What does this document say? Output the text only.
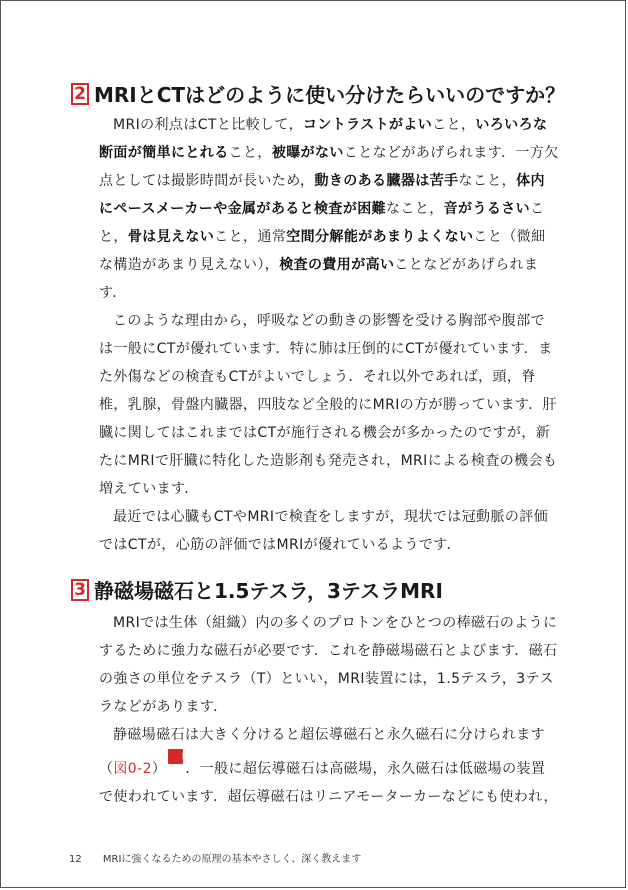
2 MRIとCTはどのように使い分けたらいいのですか？

MRIの利点はCTと比較して，コントラストがよいこと，いろいろな断面が簡単にとれること，被曝がないことなどがあげられます．一方欠点としては撮影時間が長いため，動きのある臓器は苦手なこと，体内にペースメーカーや金属があると検査が困難なこと，音がうるさいこと，骨は見えないこと，通常空間分解能があまりよくないこと（微細な構造があまり見えない），検査の費用が高いことなどがあげられます．

このような理由から，呼吸などの動きの影響を受ける胸部や腹部では一般にCTが優れています．特に肺は圧倒的にCTが優れています．また外傷などの検査もCTがよいでしょう．それ以外であれば，頭，脊椎，乳腺，骨盤内臓器，四肢など全般的にMRIの方が勝っています．肝臓に関してはこれまではCTが施行される機会が多かったのですが，新たにMRIで肝臓に特化した造影剤も発売され，MRIによる検査の機会も増えています．

最近では心臓もCTやMRIで検査をしますが，現状では冠動脈の評価ではCTが，心筋の評価ではMRIが優れているようです．

3 静磁場磁石と1.5テスラ，3テスラMRI

MRIでは生体（組織）内の多くのプロトンをひとつの棒磁石のようにするために強力な磁石が必要です．これを静磁場磁石とよびます．磁石の強さの単位をテスラ（T）といい，MRI装置には，1.5テスラ，3テスラなどがあります．

静磁場磁石は大きく分けると超伝導磁石と永久磁石に分けられます（図0-2）脚注 ．一般に超伝導磁石は高磁場，永久磁石は低磁場の装置で使われています．超伝導磁石はリニアモーターカーなどにも使われ，

12 MRIに強くなるための原理の基本やさしく、深く教えます
